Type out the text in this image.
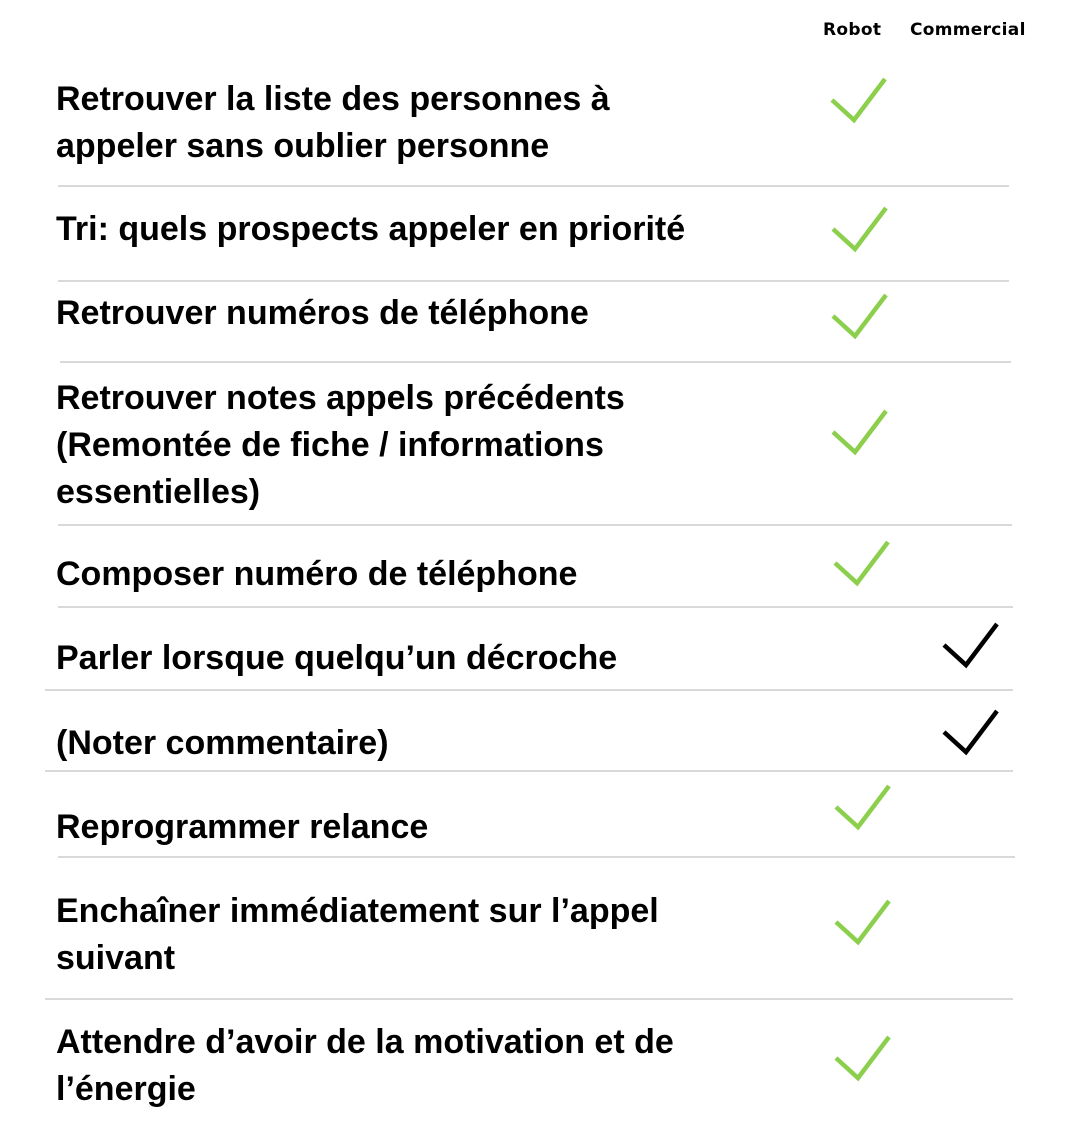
Robot Commercial
Retrouver la liste des personnes à
appeler sans oublier personne
Tri: quels prospects appeler en priorité
Retrouver numéros de téléphone
Retrouver notes appels précédents
(Remontée de fiche / informations
essentielles)
Composer numéro de téléphone
Parler lorsque quelqu’un décroche
(Noter commentaire)
Reprogrammer relance
Enchaîner immédiatement sur l’appel
suivant
Attendre d’avoir de la motivation et de
l’énergie
